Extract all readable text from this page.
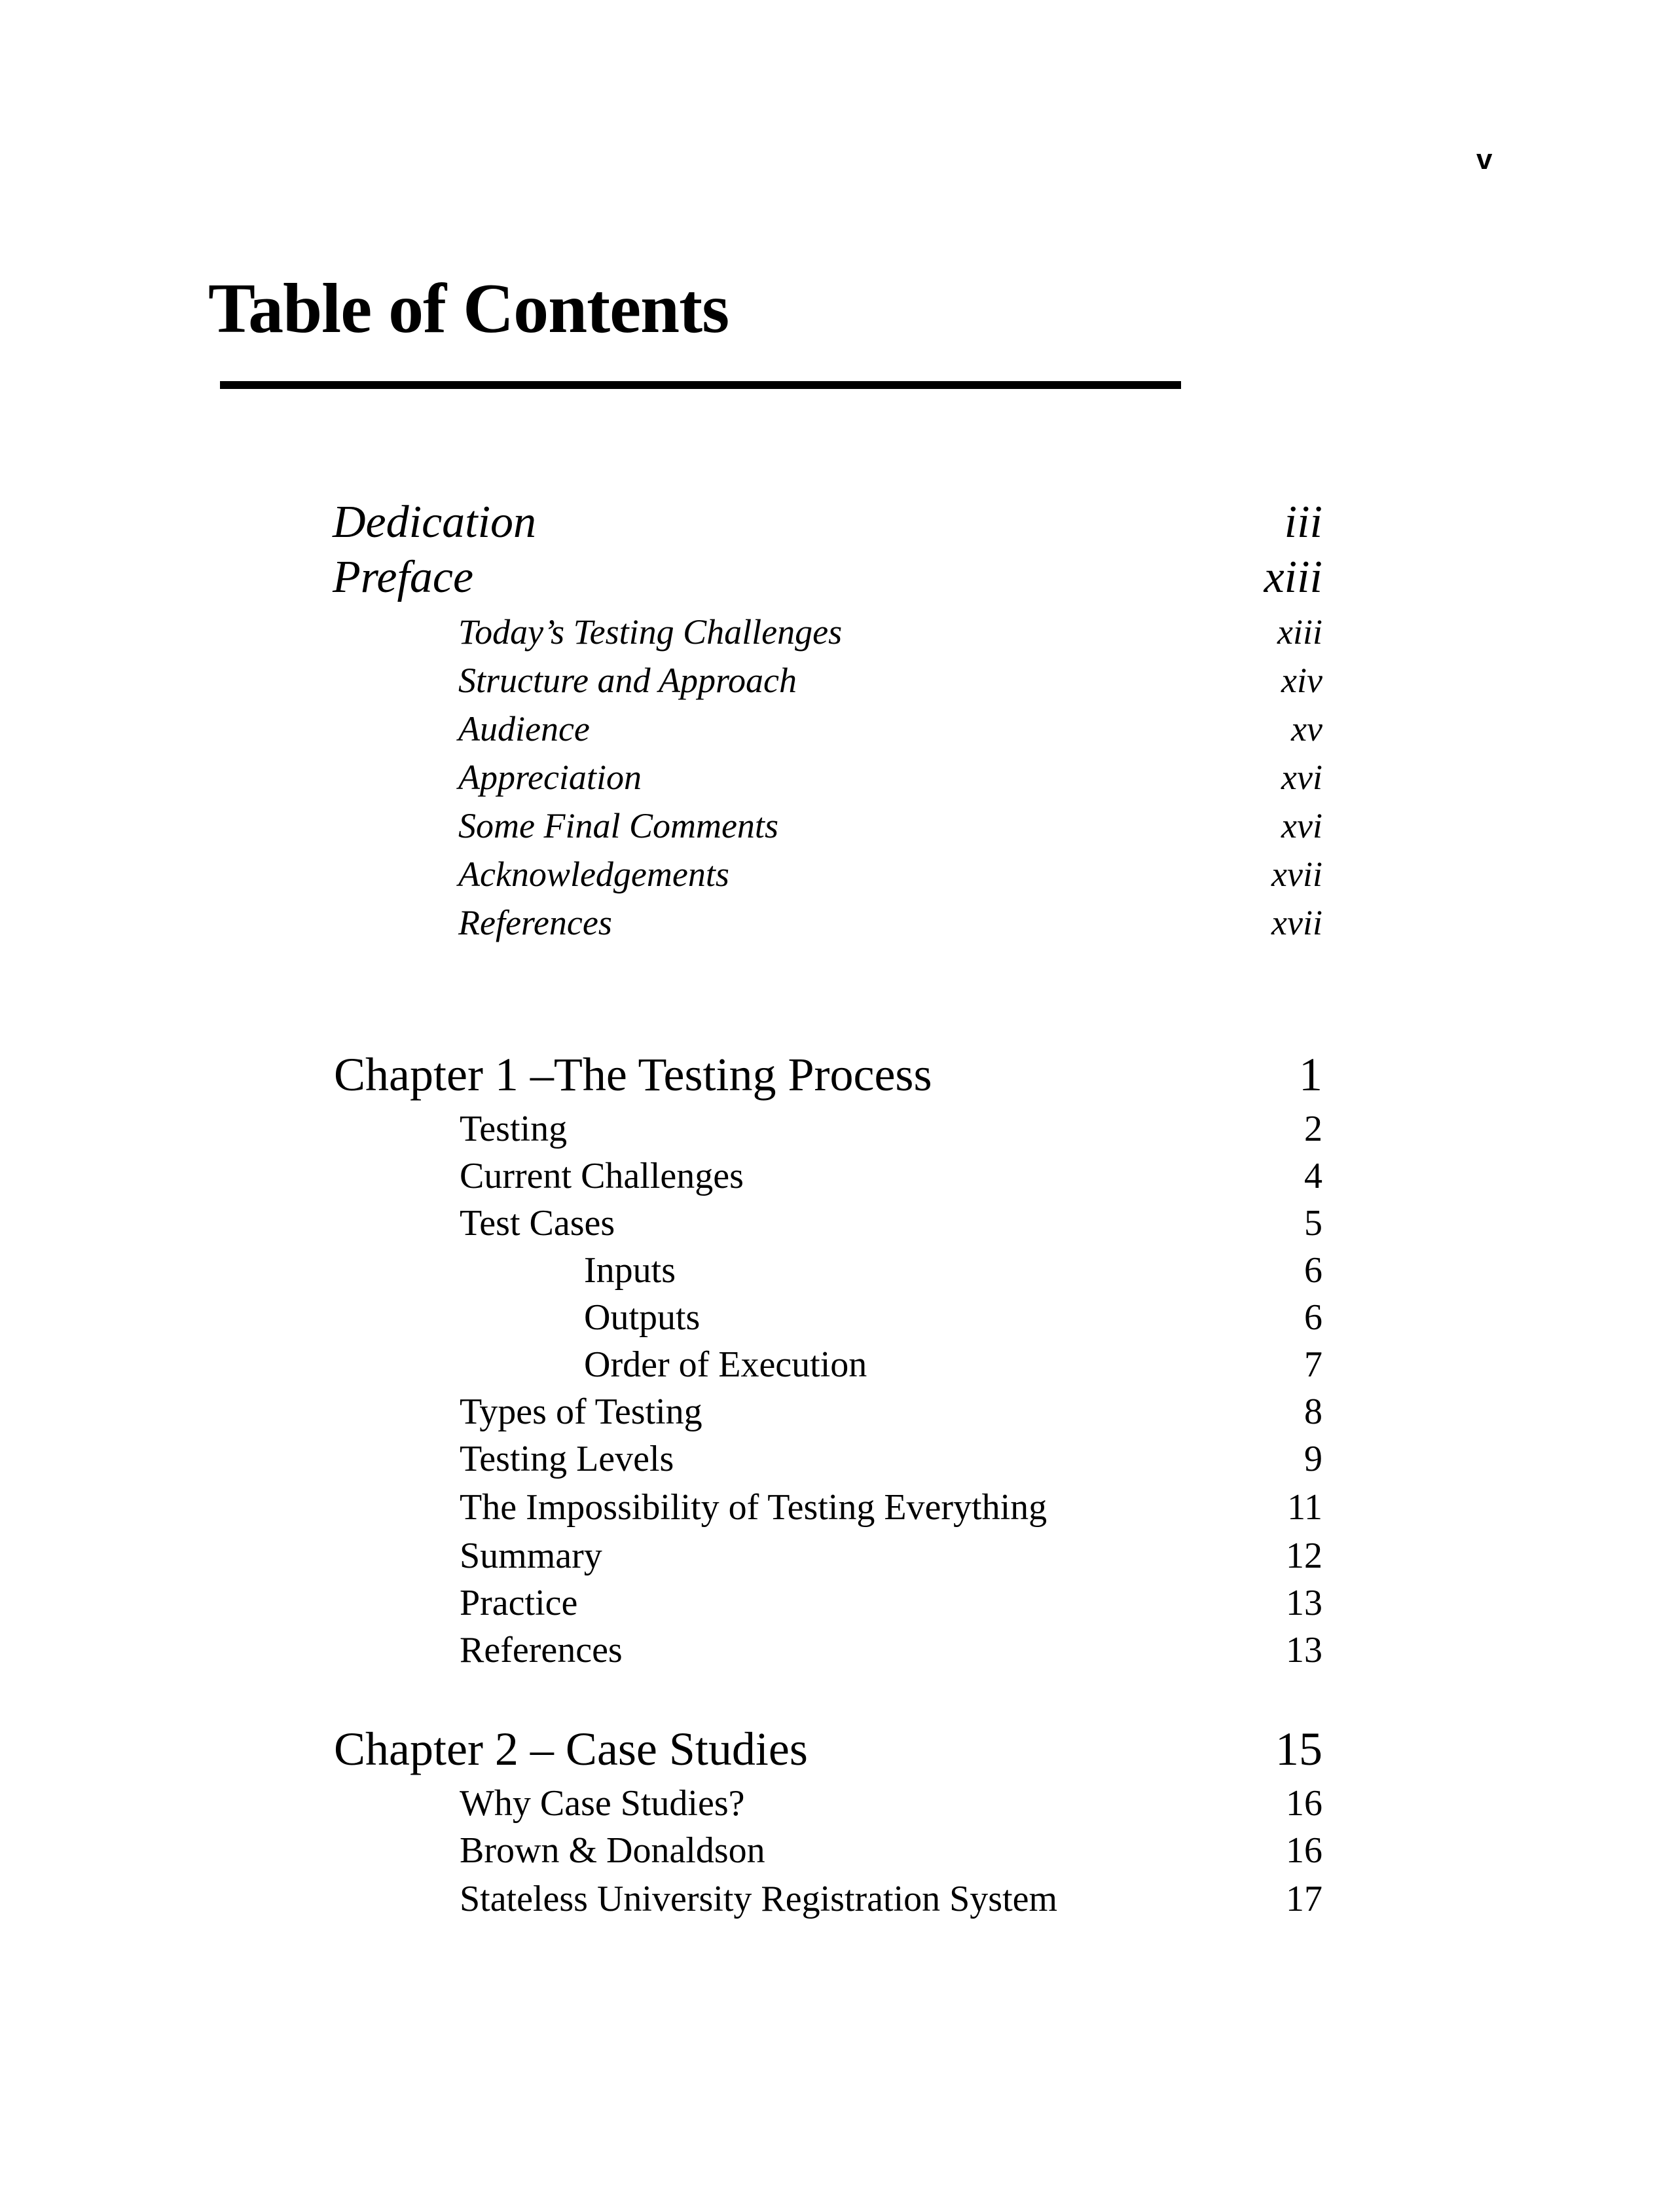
v
Table of Contents
Dedication	iii
Preface	xiii
Today’s Testing Challenges	xiii
Structure and Approach	xiv
Audience	xv
Appreciation	xvi
Some Final Comments	xvi
Acknowledgements	xvii
References	xvii
Chapter 1 –The Testing Process	1
Testing	2
Current Challenges	4
Test Cases	5
Inputs	6
Outputs	6
Order of Execution	7
Types of Testing	8
Testing Levels	9
The Impossibility of Testing Everything	11
Summary	12
Practice	13
References	13
Chapter 2 – Case Studies	15
Why Case Studies?	16
Brown & Donaldson	16
Stateless University Registration System	17
